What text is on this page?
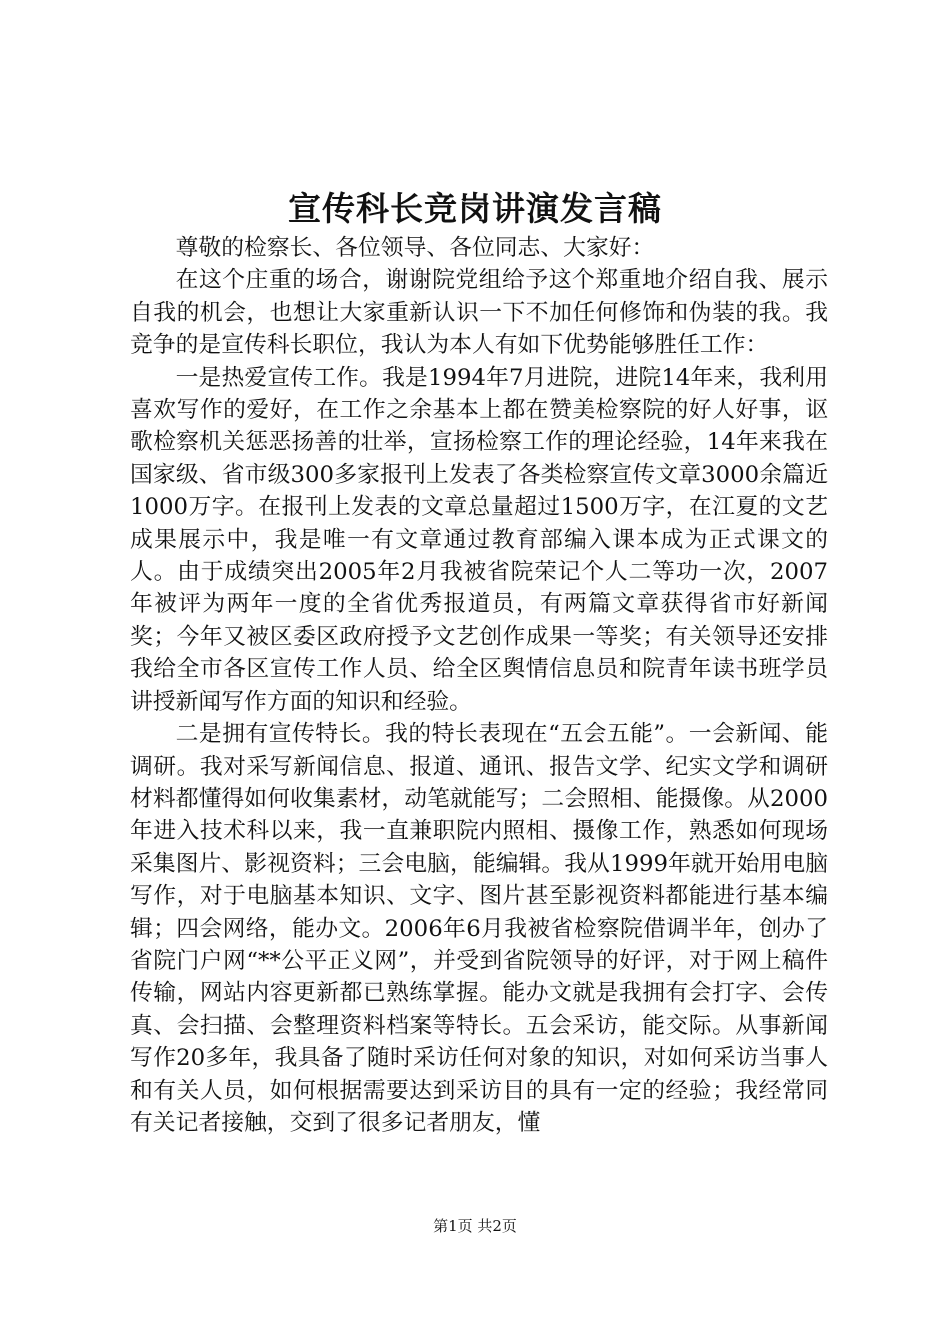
宣传科长竞岗讲演发言稿

尊敬的检察长、各位领导、各位同志、大家好：

在这个庄重的场合，谢谢院党组给予这个郑重地介绍自我、展示自我的机会，也想让大家重新认识一下不加任何修饰和伪装的我。我竞争的是宣传科长职位，我认为本人有如下优势能够胜任工作：

一是热爱宣传工作。我是1994年7月进院，进院14年来，我利用喜欢写作的爱好，在工作之余基本上都在赞美检察院的好人好事，讴歌检察机关惩恶扬善的壮举，宣扬检察工作的理论经验，14年来我在国家级、省市级300多家报刊上发表了各类检察宣传文章3000余篇近1000万字。在报刊上发表的文章总量超过1500万字，在江夏的文艺成果展示中，我是唯一有文章通过教育部编入课本成为正式课文的人。由于成绩突出2005年2月我被省院荣记个人二等功一次，2007年被评为两年一度的全省优秀报道员，有两篇文章获得省市好新闻奖；今年又被区委区政府授予文艺创作成果一等奖；有关领导还安排我给全市各区宣传工作人员、给全区舆情信息员和院青年读书班学员讲授新闻写作方面的知识和经验。

二是拥有宣传特长。我的特长表现在“五会五能”。一会新闻、能调研。我对采写新闻信息、报道、通讯、报告文学、纪实文学和调研材料都懂得如何收集素材，动笔就能写；二会照相、能摄像。从2000年进入技术科以来，我一直兼职院内照相、摄像工作，熟悉如何现场采集图片、影视资料；三会电脑，能编辑。我从1999年就开始用电脑写作，对于电脑基本知识、文字、图片甚至影视资料都能进行基本编辑；四会网络，能办文。2006年6月我被省检察院借调半年，创办了省院门户网“**公平正义网”，并受到省院领导的好评，对于网上稿件传输，网站内容更新都已熟练掌握。能办文就是我拥有会打字、会传真、会扫描、会整理资料档案等特长。五会采访，能交际。从事新闻写作20多年，我具备了随时采访任何对象的知识，对如何采访当事人和有关人员，如何根据需要达到采访目的具有一定的经验；我经常同有关记者接触，交到了很多记者朋友，懂

第1页 共2页
